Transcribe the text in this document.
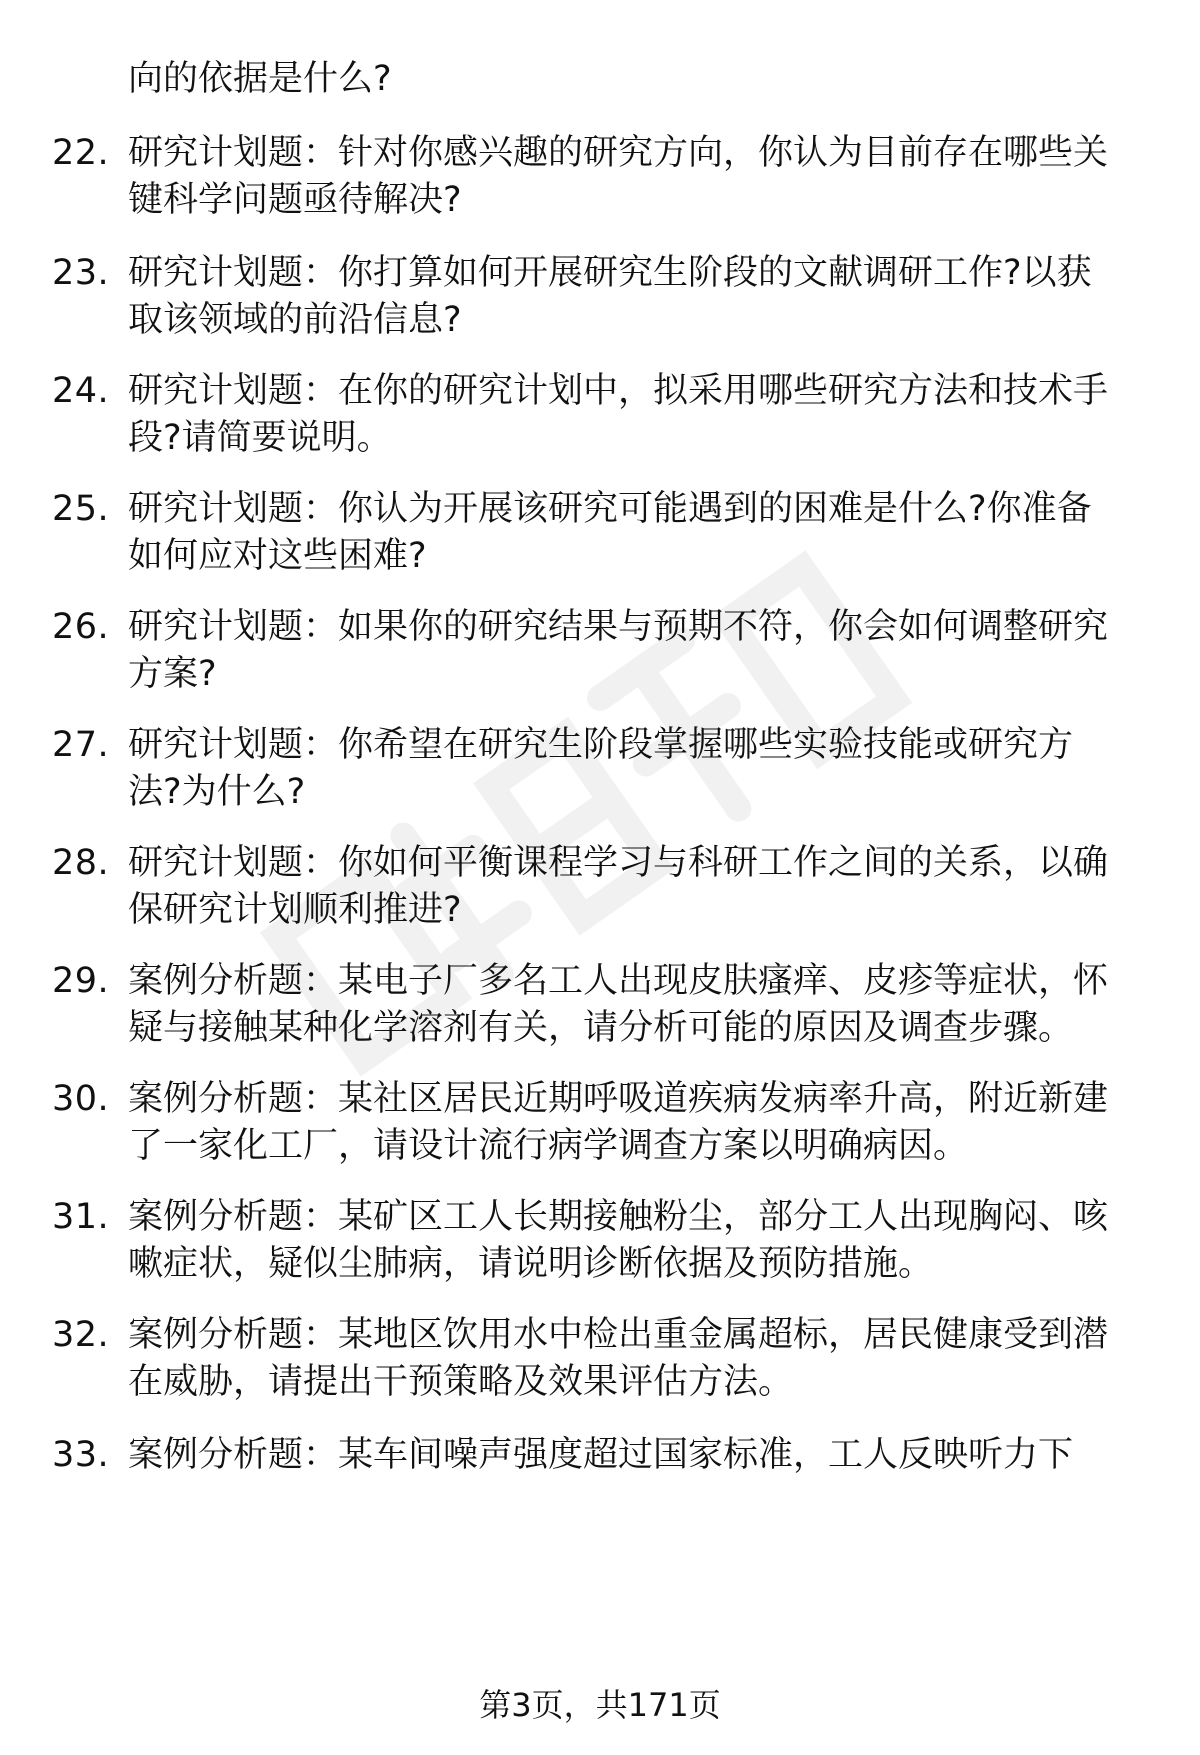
向的依据是什么?
22. 研究计划题：针对你感兴趣的研究方向，你认为目前存在哪些关
键科学问题亟待解决?
23. 研究计划题：你打算如何开展研究生阶段的文献调研工作?以获
取该领域的前沿信息?
24. 研究计划题：在你的研究计划中，拟采用哪些研究方法和技术手
段?请简要说明。
25. 研究计划题：你认为开展该研究可能遇到的困难是什么?你准备
如何应对这些困难?
26. 研究计划题：如果你的研究结果与预期不符，你会如何调整研究
方案?
27. 研究计划题：你希望在研究生阶段掌握哪些实验技能或研究方
法?为什么?
28. 研究计划题：你如何平衡课程学习与科研工作之间的关系，以确
保研究计划顺利推进?
29. 案例分析题：某电子厂多名工人出现皮肤瘙痒、皮疹等症状，怀
疑与接触某种化学溶剂有关，请分析可能的原因及调查步骤。
30. 案例分析题：某社区居民近期呼吸道疾病发病率升高，附近新建
了一家化工厂，请设计流行病学调查方案以明确病因。
31. 案例分析题：某矿区工人长期接触粉尘，部分工人出现胸闷、咳
嗽症状，疑似尘肺病，请说明诊断依据及预防措施。
32. 案例分析题：某地区饮用水中检出重金属超标，居民健康受到潜
在威胁，请提出干预策略及效果评估方法。
33. 案例分析题：某车间噪声强度超过国家标准，工人反映听力下
第3页，共171页
